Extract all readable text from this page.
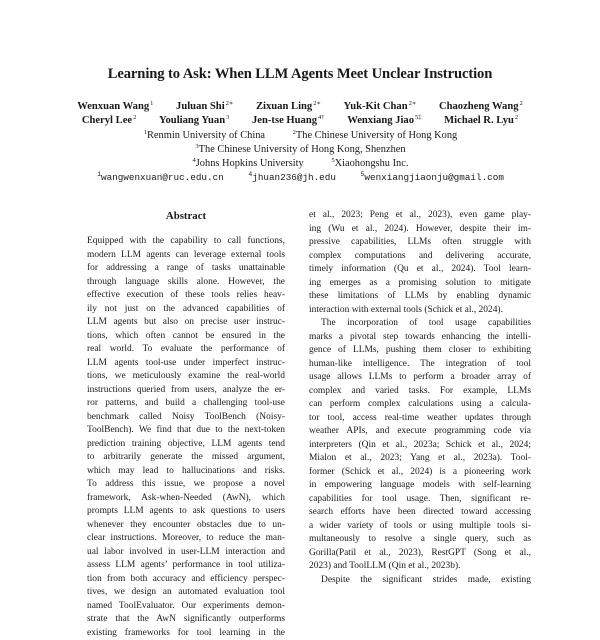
Learning to Ask: When LLM Agents Meet Unclear Instruction
Wenxuan Wang$^1$ Juluan Shi$^{2∗}$ Zixuan Ling$^{2∗}$ Yuk-Kit Chan$^{2∗}$ Chaozheng Wang$^2$
Cheryl Lee$^2$ Youliang Yuan$^3$ Jen-tse Huang$^{4\dagger}$ Wenxiang Jiao$^{5\ddagger}$ Michael R. Lyu$^2$
$^1$Renmin University of China	$^2$The Chinese University of Hong Kong
$^3$The Chinese University of Hong Kong, Shenzhen
$^4$Johns Hopkins University	$^5$Xiaohongshu Inc.
$^1$wangwenxuan@ruc.edu.cn	$^4$jhuan236@jh.edu	$^5$wenxiangjiaonju@gmail.com
Abstract
Equipped with the capability to call functions,
modern LLM agents can leverage external tools
for addressing a range of tasks unattainable
through language skills alone. However, the
effective execution of these tools relies heav-
ily not just on the advanced capabilities of
LLM agents but also on precise user instruc-
tions, which often cannot be ensured in the
real world. To evaluate the performance of
LLM agents tool-use under imperfect instruc-
tions, we meticulously examine the real-world
instructions queried from users, analyze the er-
ror patterns, and build a challenging tool-use
benchmark called Noisy ToolBench (Noisy-
ToolBench). We find that due to the next-token
prediction training objective, LLM agents tend
to arbitrarily generate the missed argument,
which may lead to hallucinations and risks.
To address this issue, we propose a novel
framework, Ask-when-Needed (AwN), which
prompts LLM agents to ask questions to users
whenever they encounter obstacles due to un-
clear instructions. Moreover, to reduce the man-
ual labor involved in user-LLM interaction and
assess LLM agents’ performance in tool utiliza-
tion from both accuracy and efficiency perspec-
tives, we design an automated evaluation tool
named ToolEvaluator. Our experiments demon-
strate that the AwN significantly outperforms
existing frameworks for tool learning in the
et al., 2023; Peng et al., 2023), even game play-
ing (Wu et al., 2024). However, despite their im-
pressive capabilities, LLMs often struggle with
complex computations and delivering accurate,
timely information (Qu et al., 2024). Tool learn-
ing emerges as a promising solution to mitigate
these limitations of LLMs by enabling dynamic
interaction with external tools (Schick et al., 2024).
The incorporation of tool usage capabilities
marks a pivotal step towards enhancing the intelli-
gence of LLMs, pushing them closer to exhibiting
human-like intelligence. The integration of tool
usage allows LLMs to perform a broader array of
complex and varied tasks. For example, LLMs
can perform complex calculations using a calcula-
tor tool, access real-time weather updates through
weather APIs, and execute programming code via
interpreters (Qin et al., 2023a; Schick et al., 2024;
Mialon et al., 2023; Yang et al., 2023a). Tool-
former (Schick et al., 2024) is a pioneering work
in empowering language models with self-learning
capabilities for tool usage. Then, significant re-
search efforts have been directed toward accessing
a wider variety of tools or using multiple tools si-
multaneously to resolve a single query, such as
Gorilla(Patil et al., 2023), RestGPT (Song et al.,
2023) and ToolLLM (Qin et al., 2023b).
Despite the significant strides made, existing
